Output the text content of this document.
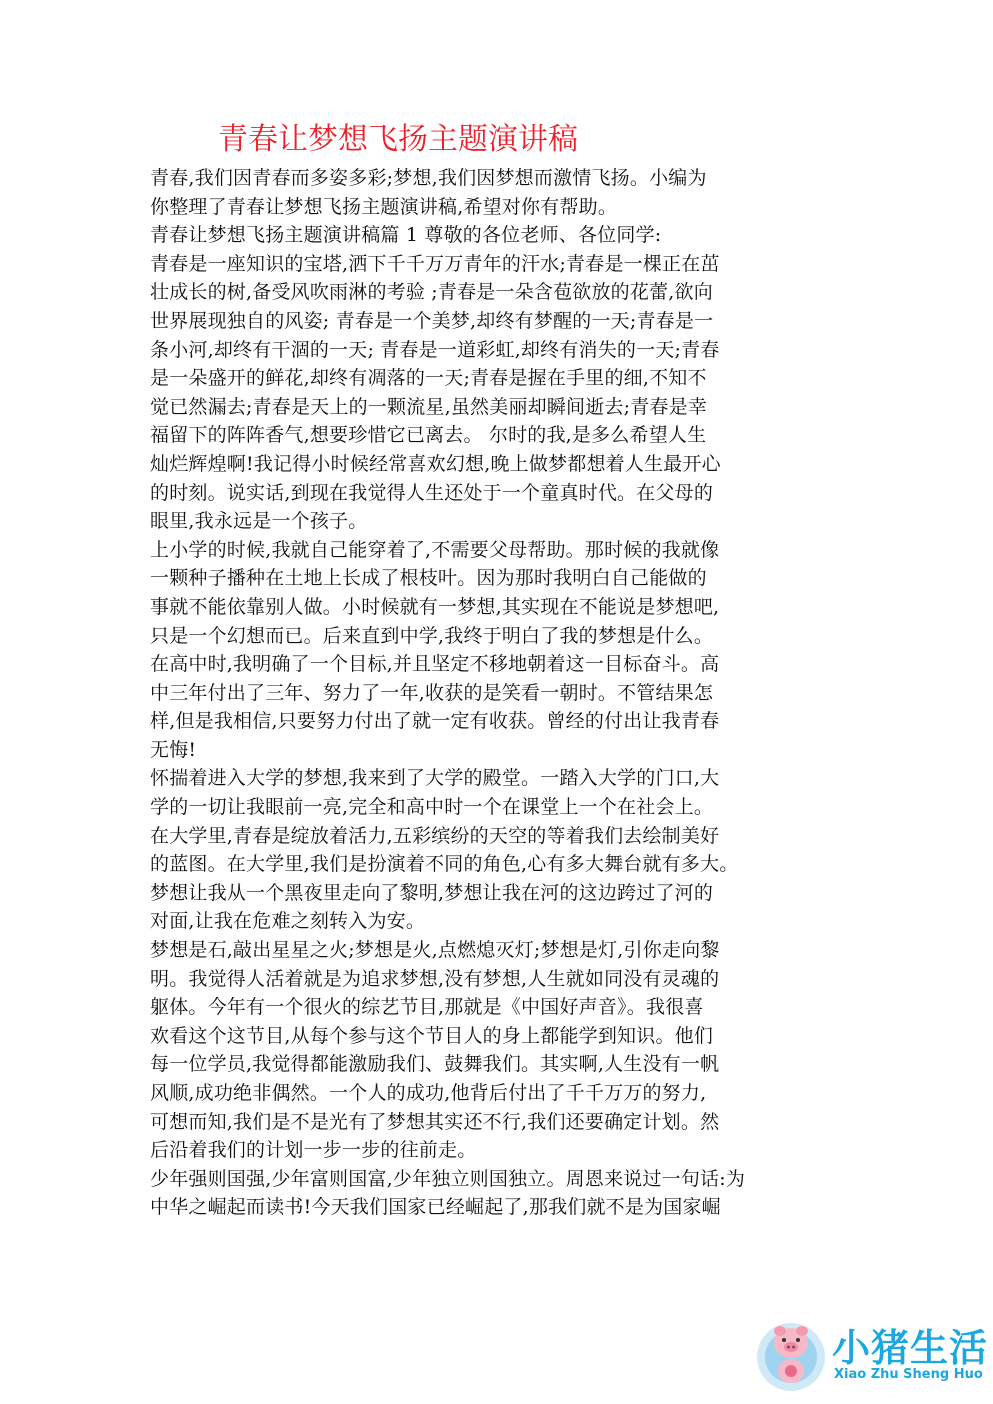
青春让梦想飞扬主题演讲稿
青春,我们因青春而多姿多彩;梦想,我们因梦想而激情飞扬。小编为
你整理了青春让梦想飞扬主题演讲稿,希望对你有帮助。
青春让梦想飞扬主题演讲稿篇 1 尊敬的各位老师、各位同学:
青春是一座知识的宝塔,洒下千千万万青年的汗水;青春是一棵正在茁
壮成长的树,备受风吹雨淋的考验 ;青春是一朵含苞欲放的花蕾,欲向
世界展现独自的风姿; 青春是一个美梦,却终有梦醒的一天;青春是一
条小河,却终有干涸的一天; 青春是一道彩虹,却终有消失的一天;青春
是一朵盛开的鲜花,却终有凋落的一天;青春是握在手里的细,不知不
觉已然漏去;青春是天上的一颗流星,虽然美丽却瞬间逝去;青春是幸
福留下的阵阵香气,想要珍惜它已离去。 尔时的我,是多么希望人生
灿烂辉煌啊!我记得小时候经常喜欢幻想,晚上做梦都想着人生最开心
的时刻。说实话,到现在我觉得人生还处于一个童真时代。在父母的
眼里,我永远是一个孩子。
上小学的时候,我就自己能穿着了,不需要父母帮助。那时候的我就像
一颗种子播种在土地上长成了根枝叶。因为那时我明白自己能做的
事就不能依靠别人做。小时候就有一梦想,其实现在不能说是梦想吧,
只是一个幻想而已。后来直到中学,我终于明白了我的梦想是什么。
在高中时,我明确了一个目标,并且坚定不移地朝着这一目标奋斗。高
中三年付出了三年、努力了一年,收获的是笑看一朝时。不管结果怎
样,但是我相信,只要努力付出了就一定有收获。曾经的付出让我青春
无悔!
怀揣着进入大学的梦想,我来到了大学的殿堂。一踏入大学的门口,大
学的一切让我眼前一亮,完全和高中时一个在课堂上一个在社会上。
在大学里,青春是绽放着活力,五彩缤纷的天空的等着我们去绘制美好
的蓝图。在大学里,我们是扮演着不同的角色,心有多大舞台就有多大。
梦想让我从一个黑夜里走向了黎明,梦想让我在河的这边跨过了河的
对面,让我在危难之刻转入为安。
梦想是石,敲出星星之火;梦想是火,点燃熄灭灯;梦想是灯,引你走向黎
明。我觉得人活着就是为追求梦想,没有梦想,人生就如同没有灵魂的
躯体。今年有一个很火的综艺节目,那就是《中国好声音》。我很喜
欢看这个这节目,从每个参与这个节目人的身上都能学到知识。他们
每一位学员,我觉得都能激励我们、鼓舞我们。其实啊,人生没有一帆
风顺,成功绝非偶然。一个人的成功,他背后付出了千千万万的努力,
可想而知,我们是不是光有了梦想其实还不行,我们还要确定计划。然
后沿着我们的计划一步一步的往前走。
少年强则国强,少年富则国富,少年独立则国独立。周恩来说过一句话:为
中华之崛起而读书!今天我们国家已经崛起了,那我们就不是为国家崛
小猪生活
Xiao Zhu Sheng Huo
